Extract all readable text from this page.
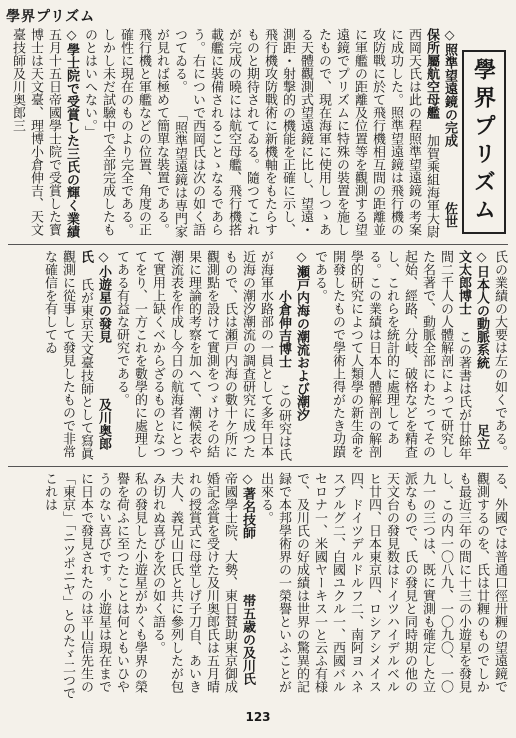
學界プリズム
◇照準望遠鏡の完成 佐世保所屬航空母艦 加賀乘組海軍大尉西岡天氏は此の程照準望遠鏡の考案に成功した。照準望遠鏡は飛行機の攻防戰に於て飛行機相互間の距離並に軍艦の距離及位置等を觀測する望遠鏡でプリズムに特殊の裝置を施したもので、現在海軍に使用しつゝある天體觀測式望遠鏡に比し、望遠・測距・射撃的の機能を正確に示し、飛行機攻防戰術に新機軸をもたらすものと期待されてゐる。隨つてこれが完成の曉には航空母艦、飛行機搭載艦に裝備されることゝなるであらう。右についで西岡氏は次の如く語つてゐる。 「照準望遠鏡は専門家が見れば極めて簡單な裝置である。飛行機と軍艦などの位置、角度の正確性に現在のものより完全である。しかし未だ試驗中で全部完成したものとはいへない。」
◇學士院で受賞した三氏の輝く業績 五月十五日帝國學士院で受賞した寳博士は天文臺、理博小倉伸吉、天文臺技師及川奥郎三	學界プリズム
氏の業績の大要は左の如くである。
◇日本人の動脈系統 足立文太郎博士 この著書は氏が廿餘年間二千人の人體解剖によって研究した名著で、動脈全部にわたってその起始、經路、分岐、破格などを精査し、これらを統計的に處理してある。この業績は日本人體解剖の解剖學的研究によつて人類學の新生命を開發したもので學術上得がたき功蹟である。
◇瀬戸内海の潮流および潮汐 小倉伸吉博士 この研究は氏が海軍水路部の一員として多年日本近海の潮汐潮流の調査研究に成つたもので、氏は瀬戸内海の數十ケ所に觀測點を設けて實測をつゞけその結果に理論的考察を加へて、潮候表や潮流表を作成し今日の航海者にとつて實用上缺くべからざるものとなつてをり、一方これを數學的に處理してある有益な研究である。
◇小遊星の發見 及川奥郎氏 氏が東京天文臺技師として寫眞觀測に從事して發見したもので非常な確信を有してゐ
る、外國では普通口徑卅糎の望遠鏡で觀測するのを、氏は廿糎のものでしかも最近三年の間に十三の小遊星を發見し、この内一〇八九、一〇九〇、一〇九一の三つは、既に實測も確定した立派なもので、氏の發見と同時期の他の天文台の發見数はドイツハイデルベルヒ廿四、日本東京四、ロシアシメイス四、ドイツデルドルフ二、南阿ヨハネスブルグ二、白國ユクル一、西國バルセロナ一、米國ヤーキス一と云ふ有様で、及川氏の好成績は世界の驚異的記録で本邦學術界の一榮譽といふことが出來る。
◇著名技師 帯五歳の及川氏 帝國學士院、大勢、東日賛助東京御成婚記念賞を受けた及川奥郎氏は五月晴れの授賞式に母堂しげ子刀自、あいき夫人、義兄山口氏と共に參列したが包み切れぬ喜びを次の如く語る。
私の發見した小遊星がかくも學界の榮譽を荷ふに至つたことは何ともいひやうのない喜びです。小遊星は現在までに日本で發見されたのは平山信先生の「東京」「ニツポニヤ」とのたゞ二つでこれは
123
